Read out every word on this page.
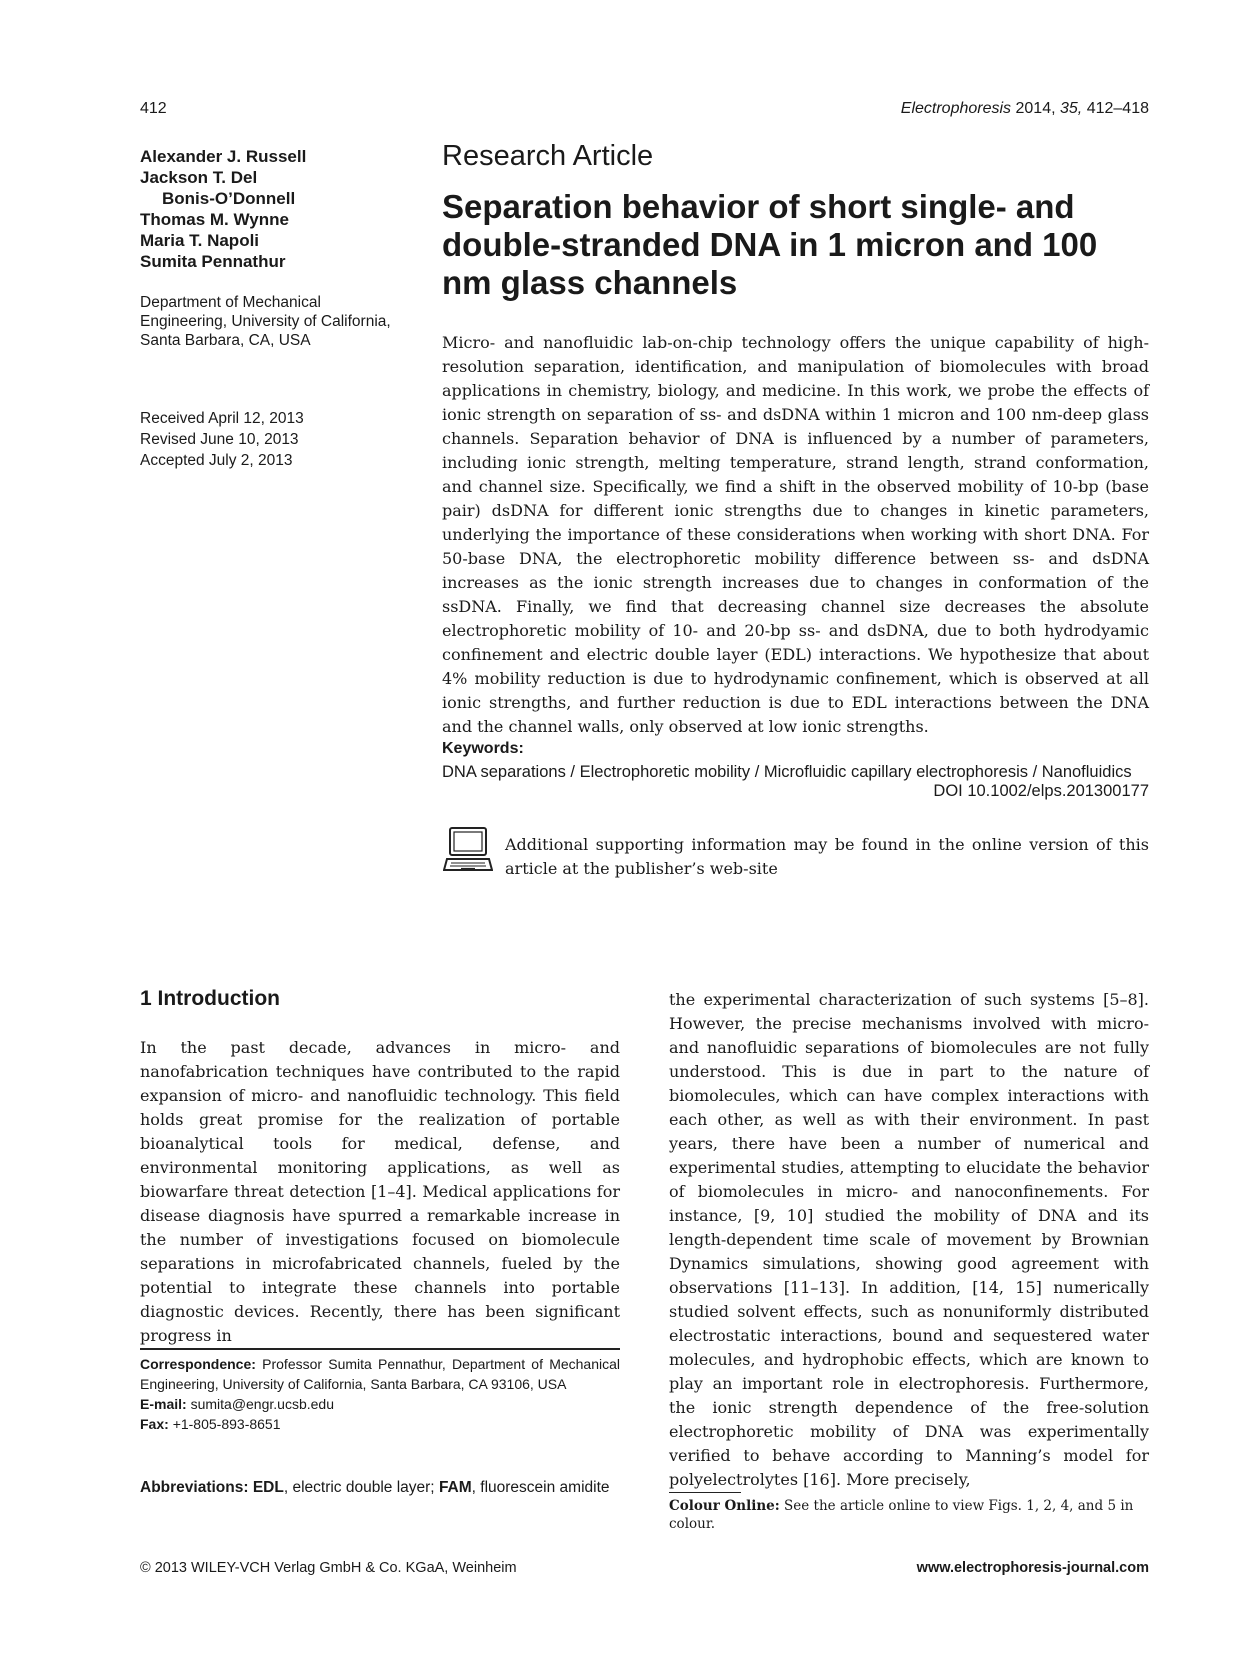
412	Electrophoresis 2014, 35, 412–418
Alexander J. Russell
Jackson T. Del
Bonis-O’Donnell
Thomas M. Wynne
Maria T. Napoli
Sumita Pennathur
Department of Mechanical Engineering, University of California, Santa Barbara, CA, USA
Received April 12, 2013
Revised June 10, 2013
Accepted July 2, 2013
Research Article
Separation behavior of short single- and double-stranded DNA in 1 micron and 100 nm glass channels

Micro- and nanofluidic lab-on-chip technology offers the unique capability of high-resolution separation, identification, and manipulation of biomolecules with broad applications in chemistry, biology, and medicine. In this work, we probe the effects of ionic strength on separation of ss- and dsDNA within 1 micron and 100 nm-deep glass channels. Separation behavior of DNA is influenced by a number of parameters, including ionic strength, melting temperature, strand length, strand conformation, and channel size. Specifically, we find a shift in the observed mobility of 10-bp (base pair) dsDNA for different ionic strengths due to changes in kinetic parameters, underlying the importance of these considerations when working with short DNA. For 50-base DNA, the electrophoretic mobility difference between ss- and dsDNA increases as the ionic strength increases due to changes in conformation of the ssDNA. Finally, we find that decreasing channel size decreases the absolute electrophoretic mobility of 10- and 20-bp ss- and dsDNA, due to both hydrodyamic confinement and electric double layer (EDL) interactions. We hypothesize that about 4% mobility reduction is due to hydrodynamic confinement, which is observed at all ionic strengths, and further reduction is due to EDL interactions between the DNA and the channel walls, only observed at low ionic strengths.

Keywords:
DNA separations / Electrophoretic mobility / Microfluidic capillary electrophoresis / Nanofluidics
DOI 10.1002/elps.201300177

Additional supporting information may be found in the online version of this article at the publisher’s web-site

1 Introduction

In the past decade, advances in micro- and nanofabrication techniques have contributed to the rapid expansion of micro- and nanofluidic technology. This field holds great promise for the realization of portable bioanalytical tools for medical, defense, and environmental monitoring applications, as well as biowarfare threat detection [1–4]. Medical applications for disease diagnosis have spurred a remarkable increase in the number of investigations focused on biomolecule separations in microfabricated channels, fueled by the potential to integrate these channels into portable diagnostic devices. Recently, there has been significant progress in

the experimental characterization of such systems [5–8]. However, the precise mechanisms involved with micro- and nanofluidic separations of biomolecules are not fully understood. This is due in part to the nature of biomolecules, which can have complex interactions with each other, as well as with their environment. In past years, there have been a number of numerical and experimental studies, attempting to elucidate the behavior of biomolecules in micro- and nanoconfinements. For instance, [9, 10] studied the mobility of DNA and its length-dependent time scale of movement by Brownian Dynamics simulations, showing good agreement with observations [11–13]. In addition, [14, 15] numerically studied solvent effects, such as nonuniformly distributed electrostatic interactions, bound and sequestered water molecules, and hydrophobic effects, which are known to play an important role in electrophoresis. Furthermore, the ionic strength dependence of the free-solution electrophoretic mobility of DNA was experimentally verified to behave according to Manning’s model for polyelectrolytes [16]. More precisely,

Correspondence: Professor Sumita Pennathur, Department of Mechanical Engineering, University of California, Santa Barbara, CA 93106, USA
E-mail: sumita@engr.ucsb.edu
Fax: +1-805-893-8651
Abbreviations: EDL, electric double layer; FAM, fluorescein amidite
Colour Online: See the article online to view Figs. 1, 2, 4, and 5 in colour.
© 2013 WILEY-VCH Verlag GmbH & Co. KGaA, Weinheim	www.electrophoresis-journal.com
